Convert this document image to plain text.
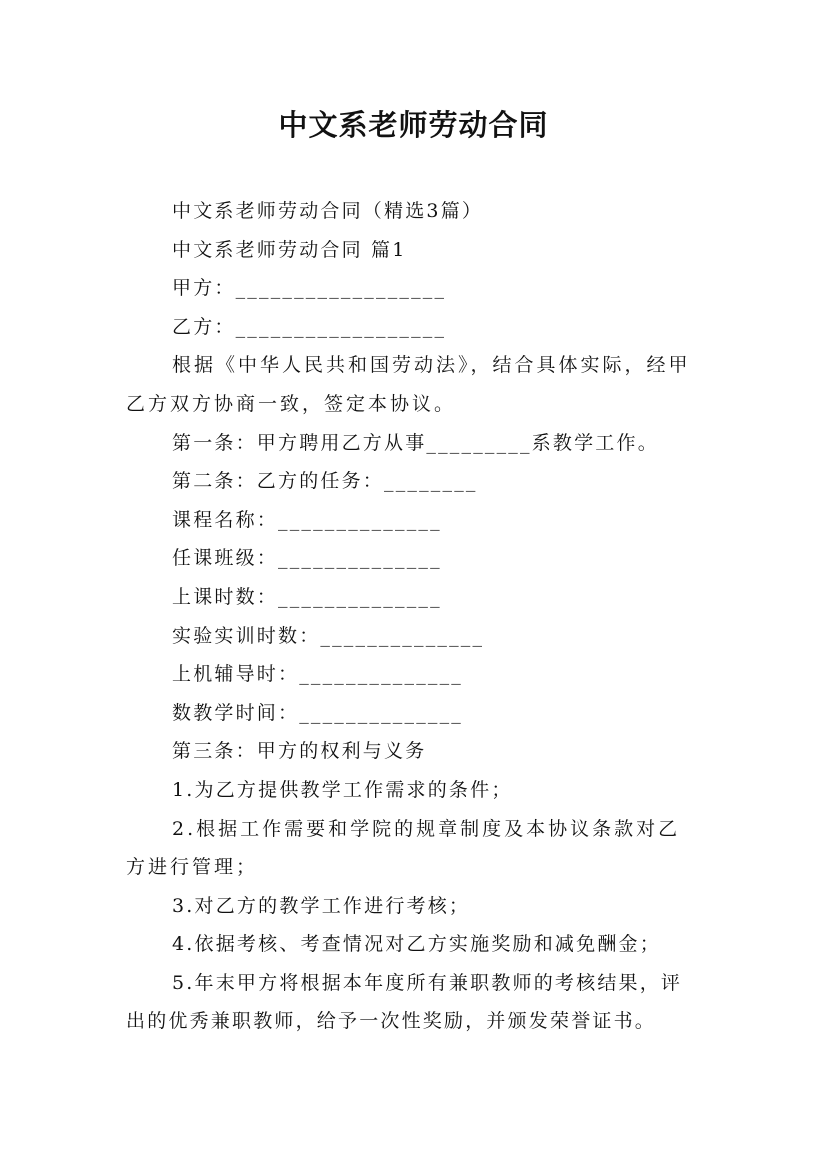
中文系老师劳动合同

中文系老师劳动合同（精选3篇）

中文系老师劳动合同 篇1

甲方：__________________

乙方：__________________

根据《中华人民共和国劳动法》，结合具体实际，经甲乙方双方协商一致，签定本协议。

第一条：甲方聘用乙方从事_________系教学工作。

第二条：乙方的任务：________

课程名称：______________

任课班级：______________

上课时数：______________

实验实训时数：______________

上机辅导时：______________

数教学时间：______________

第三条：甲方的权利与义务

1.为乙方提供教学工作需求的条件；

2.根据工作需要和学院的规章制度及本协议条款对乙方进行管理；

3.对乙方的教学工作进行考核；

4.依据考核、考查情况对乙方实施奖励和减免酬金；

5.年末甲方将根据本年度所有兼职教师的考核结果，评出的优秀兼职教师，给予一次性奖励，并颁发荣誉证书。
